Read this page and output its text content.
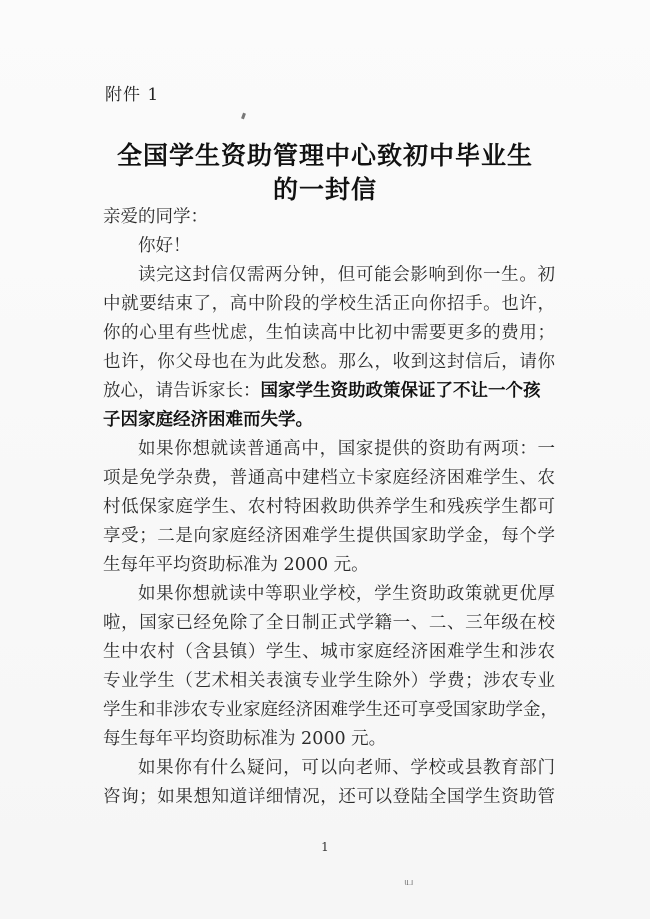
附件 1
全国学生资助管理中心致初中毕业生
的一封信
亲爱的同学：
你好！
读完这封信仅需两分钟，但可能会影响到你一生。初
中就要结束了，高中阶段的学校生活正向你招手。也许，
你的心里有些忧虑，生怕读高中比初中需要更多的费用；
也许，你父母也在为此发愁。那么，收到这封信后，请你
放心，请告诉家长：国家学生资助政策保证了不让一个孩
子因家庭经济困难而失学。
如果你想就读普通高中，国家提供的资助有两项：一
项是免学杂费，普通高中建档立卡家庭经济困难学生、农
村低保家庭学生、农村特困救助供养学生和残疾学生都可
享受；二是向家庭经济困难学生提供国家助学金，每个学
生每年平均资助标准为 2000 元。
如果你想就读中等职业学校，学生资助政策就更优厚
啦，国家已经免除了全日制正式学籍一、二、三年级在校
生中农村（含县镇）学生、城市家庭经济困难学生和涉农
专业学生（艺术相关表演专业学生除外）学费；涉农专业
学生和非涉农专业家庭经济困难学生还可享受国家助学金，
每生每年平均资助标准为 2000 元。
如果你有什么疑问，可以向老师、学校或县教育部门
咨询；如果想知道详细情况，还可以登陆全国学生资助管
1
ய
